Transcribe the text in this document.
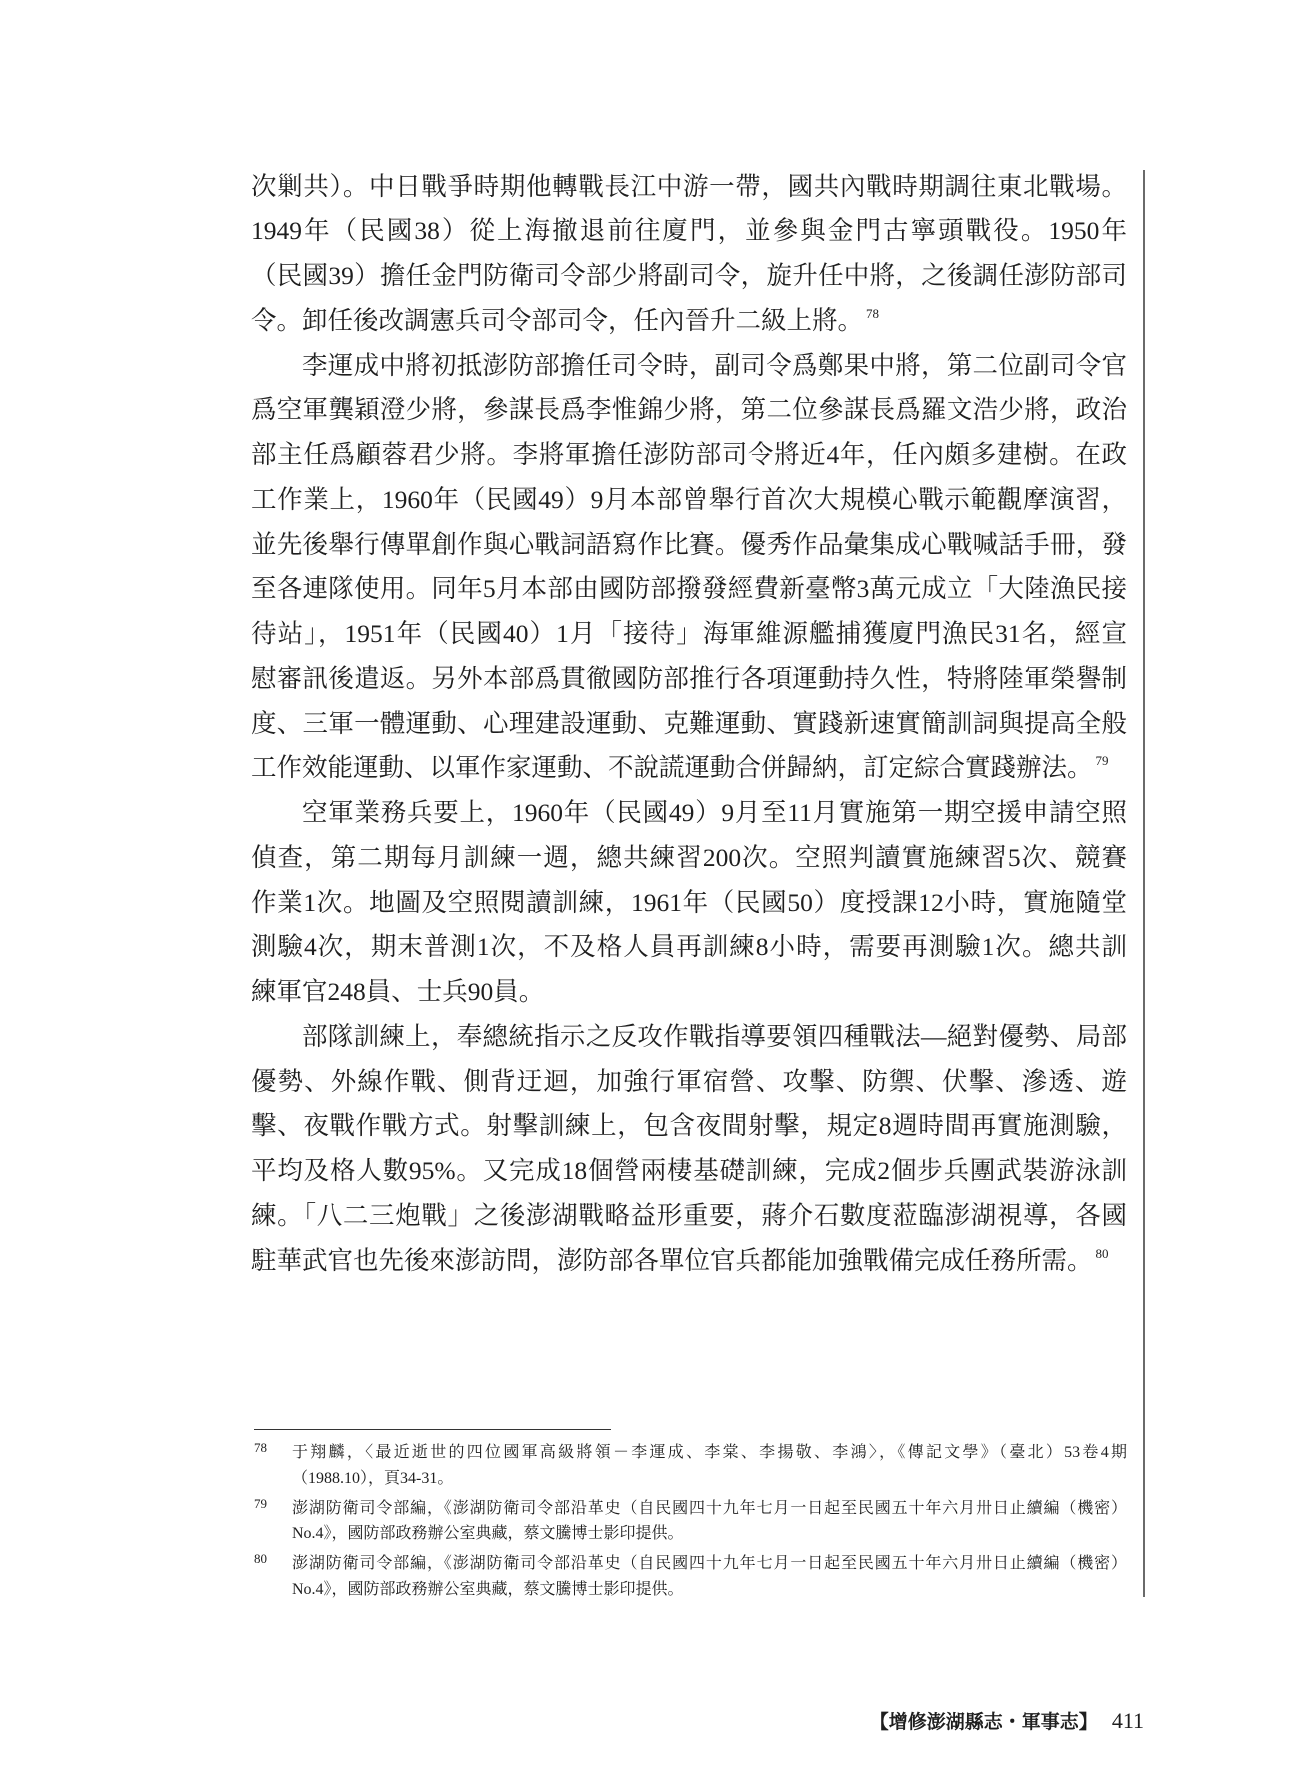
次剿共）。中日戰爭時期他轉戰長江中游一帶，國共內戰時期調往東北戰場。
1949年（民國38）從上海撤退前往廈門，並參與金門古寧頭戰役。1950年
（民國39）擔任金門防衛司令部少將副司令，旋升任中將，之後調任澎防部司
令。卸任後改調憲兵司令部司令，任內晉升二級上將。 $^{78}$
李運成中將初抵澎防部擔任司令時，副司令爲鄭果中將，第二位副司令官
爲空軍龔穎澄少將，參謀長爲李惟錦少將，第二位參謀長爲羅文浩少將，政治
部主任爲顧蓉君少將。李將軍擔任澎防部司令將近4年，任內頗多建樹。在政
工作業上，1960年（民國49）9月本部曾舉行首次大規模心戰示範觀摩演習，
並先後舉行傳單創作與心戰詞語寫作比賽。優秀作品彙集成心戰喊話手冊，發
至各連隊使用。同年5月本部由國防部撥發經費新臺幣3萬元成立「大陸漁民接
待站」，1951年（民國40）1月「接待」海軍維源艦捕獲廈門漁民31名，經宣
慰審訊後遣返。另外本部爲貫徹國防部推行各項運動持久性，特將陸軍榮譽制
度、三軍一體運動、心理建設運動、克難運動、實踐新速實簡訓詞與提高全般
工作效能運動、以軍作家運動、不說謊運動合併歸納，訂定綜合實踐辦法。 $^{79}$
空軍業務兵要上，1960年（民國49）9月至11月實施第一期空援申請空照
偵查，第二期每月訓練一週，總共練習200次。空照判讀實施練習5次、競賽
作業1次。地圖及空照閱讀訓練，1961年（民國50）度授課12小時，實施隨堂
測驗4次，期末普測1次，不及格人員再訓練8小時，需要再測驗1次。總共訓
練軍官248員、士兵90員。
部隊訓練上，奉總統指示之反攻作戰指導要領四種戰法—絕對優勢、局部
優勢、外線作戰、側背迂迴，加強行軍宿營、攻擊、防禦、伏擊、滲透、遊
擊、夜戰作戰方式。射擊訓練上，包含夜間射擊，規定8週時間再實施測驗，
平均及格人數95%。又完成18個營兩棲基礎訓練，完成2個步兵團武裝游泳訓
練。「八二三炮戰」之後澎湖戰略益形重要，蔣介石數度蒞臨澎湖視導，各國
駐華武官也先後來澎訪問，澎防部各單位官兵都能加強戰備完成任務所需。 $^{80}$
78 于翔麟，〈最近逝世的四位國軍高級將領－李運成、李棠、李揚敬、李鴻〉，《傳記文學》（臺北）53卷4期
（1988.10），頁34-31。
79 澎湖防衛司令部編，《澎湖防衛司令部沿革史（自民國四十九年七月一日起至民國五十年六月卅日止續編（機密）
No.4》，國防部政務辦公室典藏，蔡文騰博士影印提供。
80 澎湖防衛司令部編，《澎湖防衛司令部沿革史（自民國四十九年七月一日起至民國五十年六月卅日止續編（機密）
No.4》，國防部政務辦公室典藏，蔡文騰博士影印提供。
【增修澎湖縣志・軍事志】 411
